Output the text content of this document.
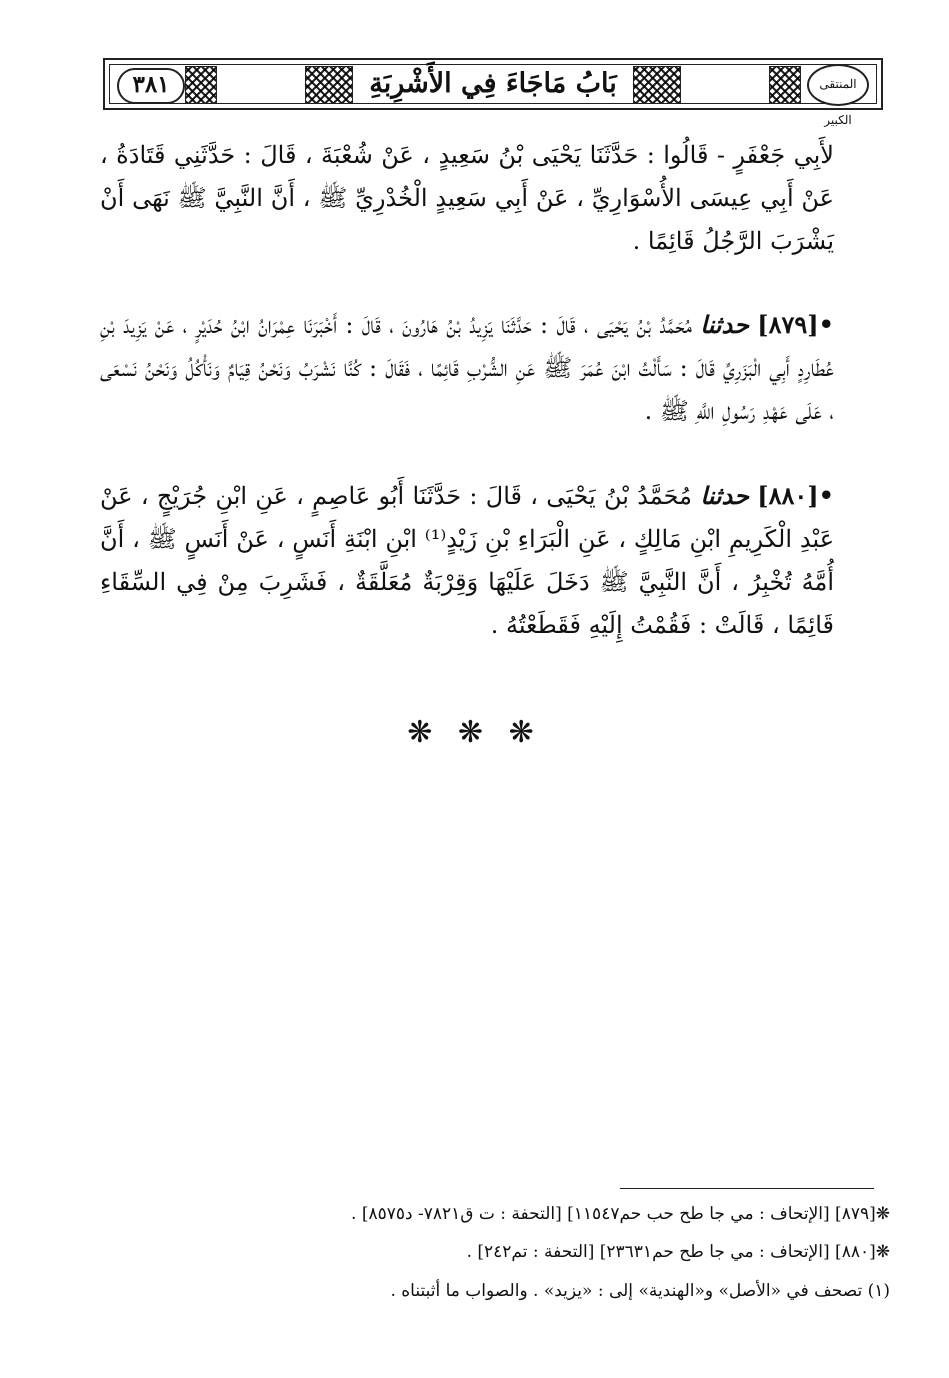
٣٨١	بَابُ مَاجَاءَ فِي الأَشْرِبَةِ	المنتقى الكبير
لأَبِي جَعْفَرٍ - قَالُوا : حَدَّثَنَا يَحْيَى بْنُ سَعِيدٍ ، عَنْ شُعْبَةَ ، قَالَ : حَدَّثَنِي قَتَادَةُ ، عَنْ أَبِي عِيسَى الأُسْوَارِيِّ ، عَنْ أَبِي سَعِيدٍ الْخُدْرِيِّ ﷺ ، أَنَّ النَّبِيَّ ﷺ نَهَى أَنْ يَشْرَبَ الرَّجُلُ قَائِمًا .
•[٨٧٩] حدثنا مُحَمَّدُ بْنُ يَحْيَى ، قَالَ : حَدَّثَنَا يَزِيدُ بْنُ هَارُونَ ، قَالَ : أَخْبَرَنَا عِمْرَانُ ابْنُ حُدَيْرٍ ، عَنْ يَزِيدَ بْنِ عُطَارِدٍ أَبِي الْبَزَرِيِّ قَالَ : سَأَلْتُ ابْنَ عُمَرَ ﷺ عَنِ الشُّرْبِ قَائِمًا ، فَقَالَ : كُنَّا نَشْرَبُ وَنَحْنُ قِيَامٌ وَنَأْكُلُ وَنَحْنُ نَسْعَى ، عَلَى عَهْدِ رَسُولِ اللَّهِ ﷺ .
•[٨٨٠] حدثنا مُحَمَّدُ بْنُ يَحْيَى ، قَالَ : حَدَّثَنَا أَبُو عَاصِمٍ ، عَنِ ابْنِ جُرَيْجٍ ، عَنْ عَبْدِ الْكَرِيمِ ابْنِ مَالِكٍ ، عَنِ الْبَرَاءِ بْنِ زَيْدٍ⁽¹⁾ ابْنِ ابْنَةِ أَنَسٍ ، عَنْ أَنَسٍ ﷺ ، أَنَّ أُمَّهُ تُخْبِرُ ، أَنَّ النَّبِيَّ ﷺ دَخَلَ عَلَيْهَا وَقِرْبَةٌ مُعَلَّقَةٌ ، فَشَرِبَ مِنْ فِي السِّقَاءِ قَائِمًا ، قَالَتْ : فَقُمْتُ إِلَيْهِ فَقَطَعْتُهُ .
❋ ❋ ❋
❋[٨٧٩] [الإتحاف : مي جا طح حب حم١١٥٤٧] [التحفة : ت ق٧٨٢١- د٨٥٧٥] .
❋[٨٨٠] [الإتحاف : مي جا طح حم٢٣٦٣١] [التحفة : تم٢٤٢] .
(١) تصحف في «الأصل» و«الهندية» إلى : «يزيد» . والصواب ما أثبتناه .
